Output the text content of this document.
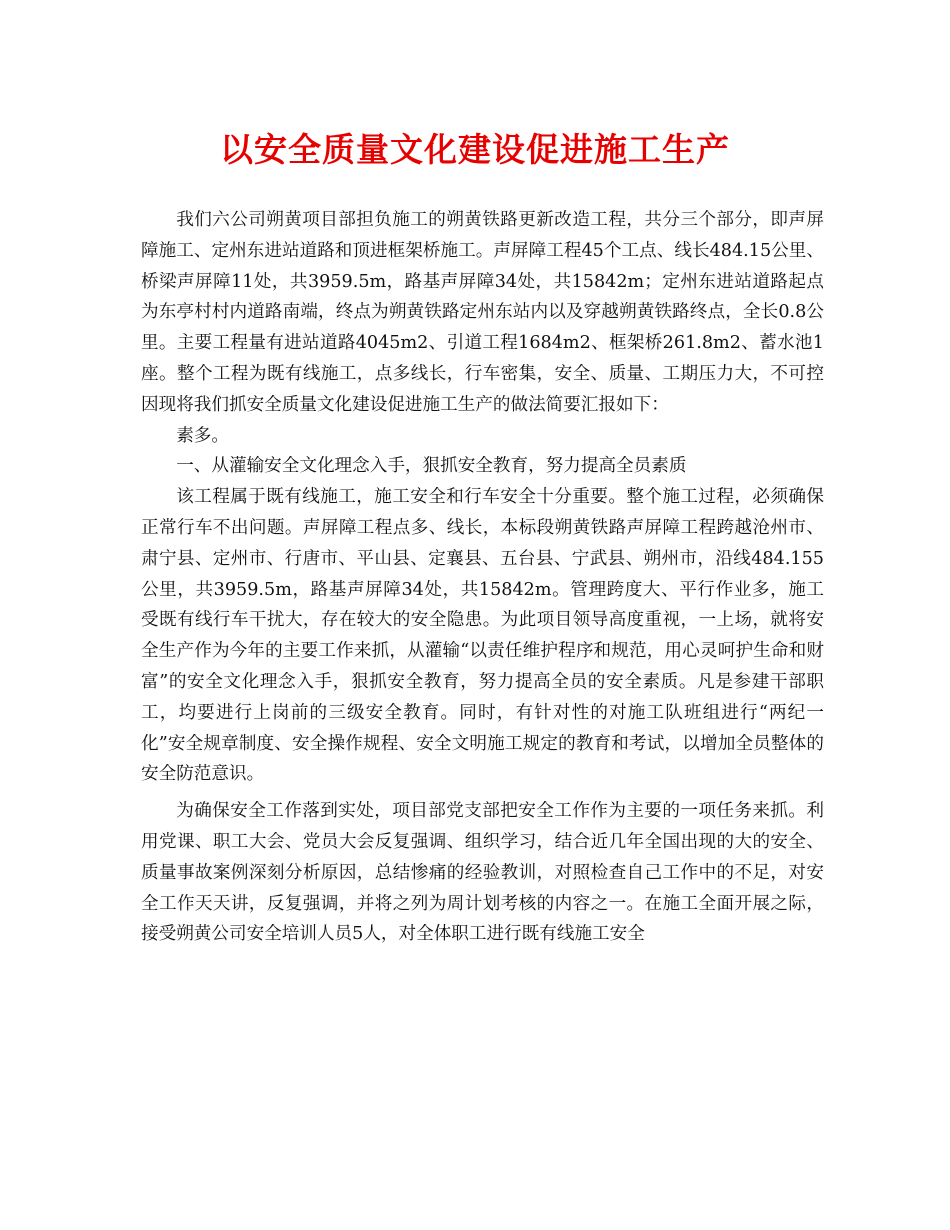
以安全质量文化建设促进施工生产

我们六公司朔黄项目部担负施工的朔黄铁路更新改造工程，共分三个部分，即声屏障施工、定州东进站道路和顶进框架桥施工。声屏障工程45个工点、线长484.15公里、桥梁声屏障11处，共3959.5m，路基声屏障34处，共15842m；定州东进站道路起点为东亭村村内道路南端，终点为朔黄铁路定州东站内以及穿越朔黄铁路终点，全长0.8公里。主要工程量有进站道路4045m2、引道工程1684m2、框架桥261.8m2、蓄水池1座。整个工程为既有线施工，点多线长，行车密集，安全、质量、工期压力大，不可控因现将我们抓安全质量文化建设促进施工生产的做法简要汇报如下：

素多。

一、从灌输安全文化理念入手，狠抓安全教育，努力提高全员素质

该工程属于既有线施工，施工安全和行车安全十分重要。整个施工过程，必须确保正常行车不出问题。声屏障工程点多、线长，本标段朔黄铁路声屏障工程跨越沧州市、肃宁县、定州市、行唐市、平山县、定襄县、五台县、宁武县、朔州市，沿线484.155公里，共3959.5m，路基声屏障34处，共15842m。管理跨度大、平行作业多，施工受既有线行车干扰大，存在较大的安全隐患。为此项目领导高度重视，一上场，就将安全生产作为今年的主要工作来抓，从灌输“以责任维护程序和规范，用心灵呵护生命和财富”的安全文化理念入手，狠抓安全教育，努力提高全员的安全素质。凡是参建干部职工，均要进行上岗前的三级安全教育。同时，有针对性的对施工队班组进行“两纪一化”安全规章制度、安全操作规程、安全文明施工规定的教育和考试，以增加全员整体的安全防范意识。

为确保安全工作落到实处，项目部党支部把安全工作作为主要的一项任务来抓。利用党课、职工大会、党员大会反复强调、组织学习，结合近几年全国出现的大的安全、质量事故案例深刻分析原因，总结惨痛的经验教训，对照检查自己工作中的不足，对安全工作天天讲，反复强调，并将之列为周计划考核的内容之一。在施工全面开展之际，接受朔黄公司安全培训人员5人，对全体职工进行既有线施工安全
